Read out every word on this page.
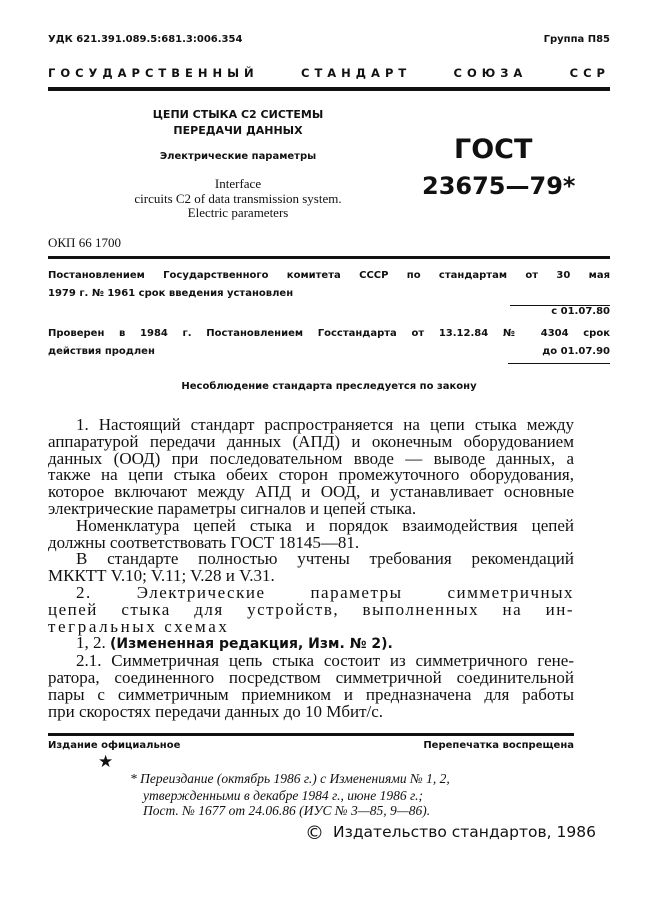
УДК 621.391.089.5:681.3:006.354	Группа П85
ГОСУДАРСТВЕННЫЙ	СТАНДАРТ	СОЮЗА	ССР
ЦЕПИ СТЫКА С2 СИСТЕМЫ
ПЕРЕДАЧИ ДАННЫХ
Электрические параметры
Interface
circuits C2 of data transmission system.
Electric parameters
ГОСТ
23675—79*
ОКП 66 1700
Постановлением Государственного комитета СССР по стандартам от 30 мая
1979 г. № 1961 срок введения установлен
с 01.07.80
Проверен в 1984 г. Постановлением Госстандарта от 13.12.84 № 4304 срок
действия продлен	до 01.07.90
Несоблюдение стандарта преследуется по закону
1. Настоящий стандарт распространяется на цепи стыка между
аппаратурой передачи данных (АПД) и оконечным оборудованием
данных (ООД) при последовательном вводе — выводе данных, а
также на цепи стыка обеих сторон промежуточного оборудования,
которое включают между АПД и ООД, и устанавливает основные
электрические параметры сигналов и цепей стыка.
Номенклатура цепей стыка и порядок взаимодействия цепей
должны соответствовать ГОСТ 18145—81.
В стандарте полностью учтены требования рекомендаций
МККТТ V.10; V.11; V.28 и V.31.
2. Электрические параметры симметричных
цепей стыка для устройств, выполненных на ин-
тегральных схемах
1, 2. (Измененная редакция, Изм. № 2).
2.1. Симметричная цепь стыка состоит из симметричного гене-
ратора, соединенного посредством симметричной соединительной
пары с симметричным приемником и предназначена для работы
при скоростях передачи данных до 10 Мбит/с.
Издание официальное	Перепечатка воспрещена
★
* Переиздание (октябрь 1986 г.) с Изменениями № 1, 2,
утвержденными в декабре 1984 г., июне 1986 г.;
Пост. № 1677 от 24.06.86 (ИУС № 3—85, 9—86).
© Издательство стандартов, 1986
